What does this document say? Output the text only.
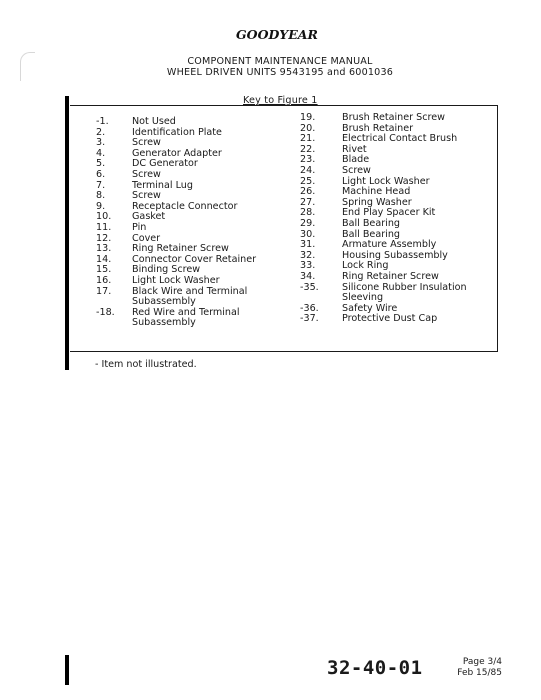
GOODYEAR
COMPONENT MAINTENANCE MANUAL
WHEEL DRIVEN UNITS 9543195 and 6001036
Key to Figure 1
-1.	Not Used
2.	Identification Plate
3.	Screw
4.	Generator Adapter
5.	DC Generator
6.	Screw
7.	Terminal Lug
8.	Screw
9.	Receptacle Connector
10.	Gasket
11.	Pin
12.	Cover
13.	Ring Retainer Screw
14.	Connector Cover Retainer
15.	Binding Screw
16.	Light Lock Washer
17.	Black Wire and Terminal
Subassembly
-18.	Red Wire and Terminal
Subassembly
19.	Brush Retainer Screw
20.	Brush Retainer
21.	Electrical Contact Brush
22.	Rivet
23.	Blade
24.	Screw
25.	Light Lock Washer
26.	Machine Head
27.	Spring Washer
28.	End Play Spacer Kit
29.	Ball Bearing
30.	Ball Bearing
31.	Armature Assembly
32.	Housing Subassembly
33.	Lock Ring
34.	Ring Retainer Screw
-35.	Silicone Rubber Insulation
Sleeving
-36.	Safety Wire
-37.	Protective Dust Cap
- Item not illustrated.
32-40-01	Page 3/4
Feb 15/85
